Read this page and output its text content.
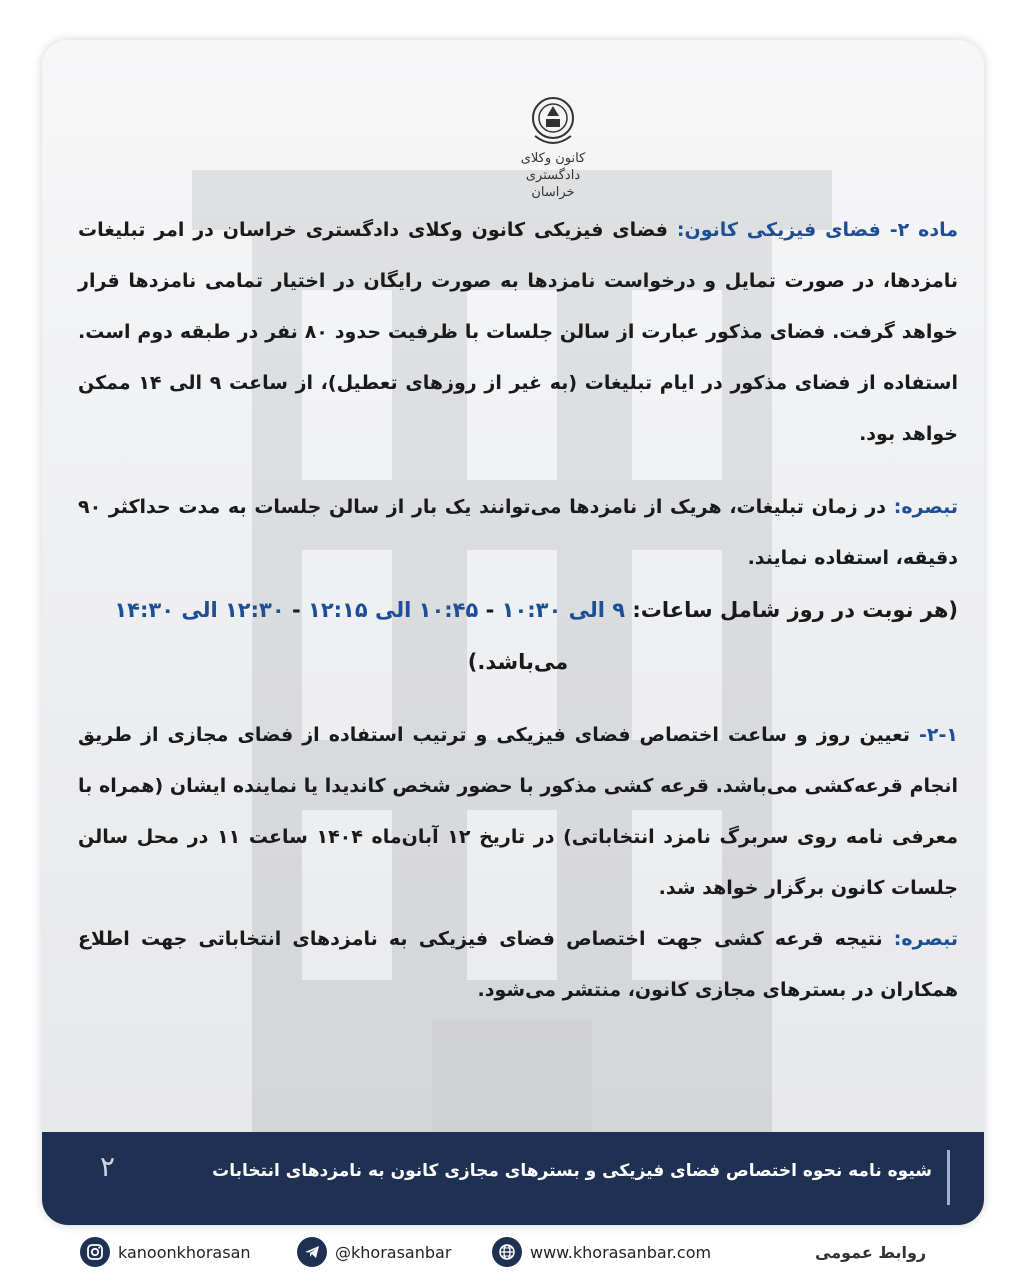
کانون وکلای دادگستری
خراسان
شیوه نامه نحوه اختصاص فضای فیزیکی و بسترهای مجازی کانون به نامزدهای انتخابات
۲

ماده ۲- فضای فیزیکی کانون: فضای فیزیکی کانون وکلای دادگستری خراسان در امر تبلیغات نامزدها، در صورت تمایل و درخواست نامزدها به صورت رایگان در اختیار تمامی نامزدها قرار خواهد گرفت. فضای مذکور عبارت از سالن جلسات با ظرفیت حدود ۸۰ نفر در طبقه دوم است. استفاده از فضای مذکور در ایام تبلیغات (به غیر از روزهای تعطیل)، از ساعت ۹ الی ۱۴ ممکن خواهد بود.

تبصره: در زمان تبلیغات، هریک از نامزدها می‌توانند یک بار از سالن جلسات به مدت حداکثر ۹۰ دقیقه، استفاده نمایند.

(هر نوبت در روز شامل ساعات: ۹ الی ۱۰:۳۰ - ۱۰:۴۵ الی ۱۲:۱۵ - ۱۲:۳۰ الی ۱۴:۳۰

می‌باشد.)

۲-۱- تعیین روز و ساعت اختصاص فضای فیزیکی و ترتیب استفاده از فضای مجازی از طریق انجام قرعه‌کشی می‌باشد. قرعه کشی مذکور با حضور شخص کاندیدا یا نماینده ایشان (همراه با معرفی نامه روی سربرگ نامزد انتخاباتی) در تاریخ ۱۲ آبان‌ماه ۱۴۰۴ ساعت ۱۱ در محل سالن جلسات کانون برگزار خواهد شد.

تبصره: نتیجه قرعه کشی جهت اختصاص فضای فیزیکی به نامزدهای انتخاباتی جهت اطلاع همکاران در بسترهای مجازی کانون، منتشر می‌شود.

kanoonkhorasan	@khorasanbar	www.khorasanbar.com	روابط عمومی
